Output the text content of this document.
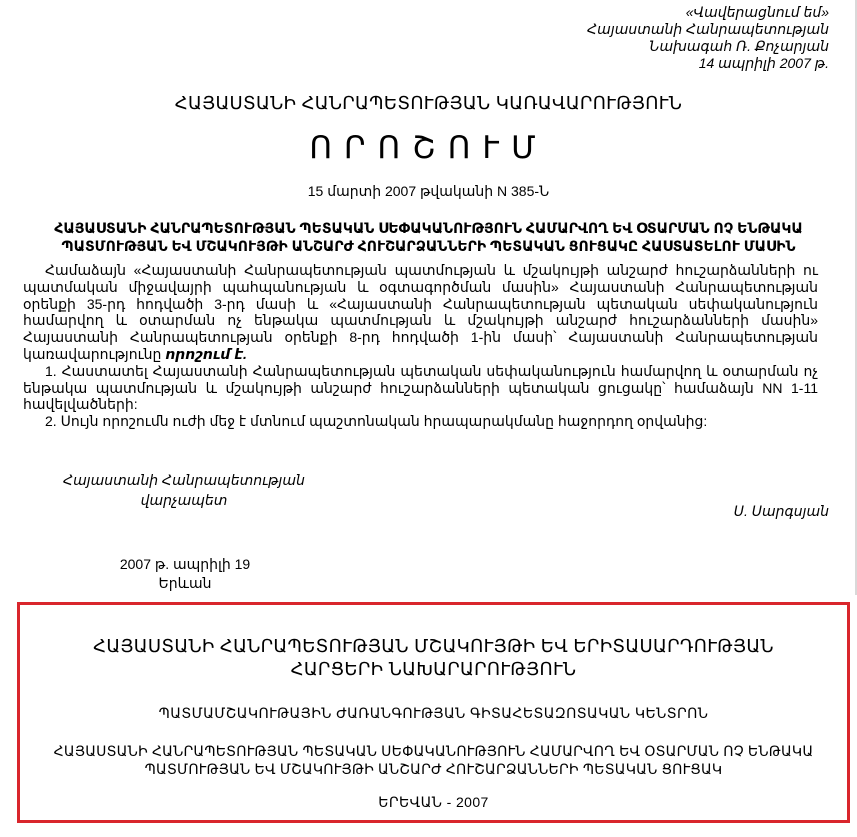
«Վավերացնում եմ»
Հայաստանի Հանրապետության
Նախագահ Ռ. Քոչարյան
14 ապրիլի 2007 թ.
ՀԱՅԱՍՏԱՆԻ ՀԱՆՐԱՊԵՏՈՒԹՅԱՆ ԿԱՌԱՎԱՐՈՒԹՅՈՒՆ
ՈՐՈՇՈՒՄ
15 մարտի 2007 թվականի N 385-Ն
ՀԱՅԱՍՏԱՆԻ ՀԱՆՐԱՊԵՏՈՒԹՅԱՆ ՊԵՏԱԿԱՆ ՍԵՓԱԿԱՆՈՒԹՅՈՒՆ ՀԱՄԱՐՎՈՂ ԵՎ ՕՏԱՐՄԱՆ ՈՉ ԵՆԹԱԿԱ
ՊԱՏՄՈՒԹՅԱՆ ԵՎ ՄՇԱԿՈՒՅԹԻ ԱՆՇԱՐԺ ՀՈՒՇԱՐՁԱՆՆԵՐԻ ՊԵՏԱԿԱՆ ՑՈՒՑԱԿԸ ՀԱՍՏԱՏԵԼՈՒ ՄԱՍԻՆ

Համաձայն «Հայաստանի Հանրապետության պատմության և մշակույթի անշարժ հուշարձանների ու պատմական միջավայրի պահպանության և օգտագործման մասին» Հայաստանի Հանրապետության օրենքի 35-րդ հոդվածի 3-րդ մասի և «Հայաստանի Հանրապետության պետական սեփականություն համարվող և օտարման ոչ ենթակա պատմության և մշակույթի անշարժ հուշարձանների մասին» Հայաստանի Հանրապետության օրենքի 8-րդ հոդվածի 1-ին մասի՝ Հայաստանի Հանրապետության կառավարությունը որոշում է.

1. Հաստատել Հայաստանի Հանրապետության պետական սեփականություն համարվող և օտարման ոչ ենթակա պատմության և մշակույթի անշարժ հուշարձանների պետական ցուցակը՝ համաձայն NN 1-11 հավելվածների:

2. Սույն որոշումն ուժի մեջ է մտնում պաշտոնական հրապարակմանը հաջորդող օրվանից:

Հայաստանի Հանրապետության
վարչապետ
Ս. Սարգսյան
2007 թ. ապրիլի 19
Երևան
ՀԱՅԱՍՏԱՆԻ ՀԱՆՐԱՊԵՏՈՒԹՅԱՆ ՄՇԱԿՈՒՅԹԻ ԵՎ ԵՐԻՏԱՍԱՐԴՈՒԹՅԱՆ
ՀԱՐՑԵՐԻ ՆԱԽԱՐԱՐՈՒԹՅՈՒՆ
ՊԱՏՄԱՄՇԱԿՈՒԹԱՅԻՆ ԺԱՌԱՆԳՈՒԹՅԱՆ ԳԻՏԱՀԵՏԱԶՈՏԱԿԱՆ ԿԵՆՏՐՈՆ
ՀԱՅԱՍՏԱՆԻ ՀԱՆՐԱՊԵՏՈՒԹՅԱՆ ՊԵՏԱԿԱՆ ՍԵՓԱԿԱՆՈՒԹՅՈՒՆ ՀԱՄԱՐՎՈՂ ԵՎ ՕՏԱՐՄԱՆ ՈՉ ԵՆԹԱԿԱ
ՊԱՏՄՈՒԹՅԱՆ ԵՎ ՄՇԱԿՈՒՅԹԻ ԱՆՇԱՐԺ ՀՈՒՇԱՐՁԱՆՆԵՐԻ ՊԵՏԱԿԱՆ ՑՈՒՑԱԿ
ԵՐԵՎԱՆ - 2007
